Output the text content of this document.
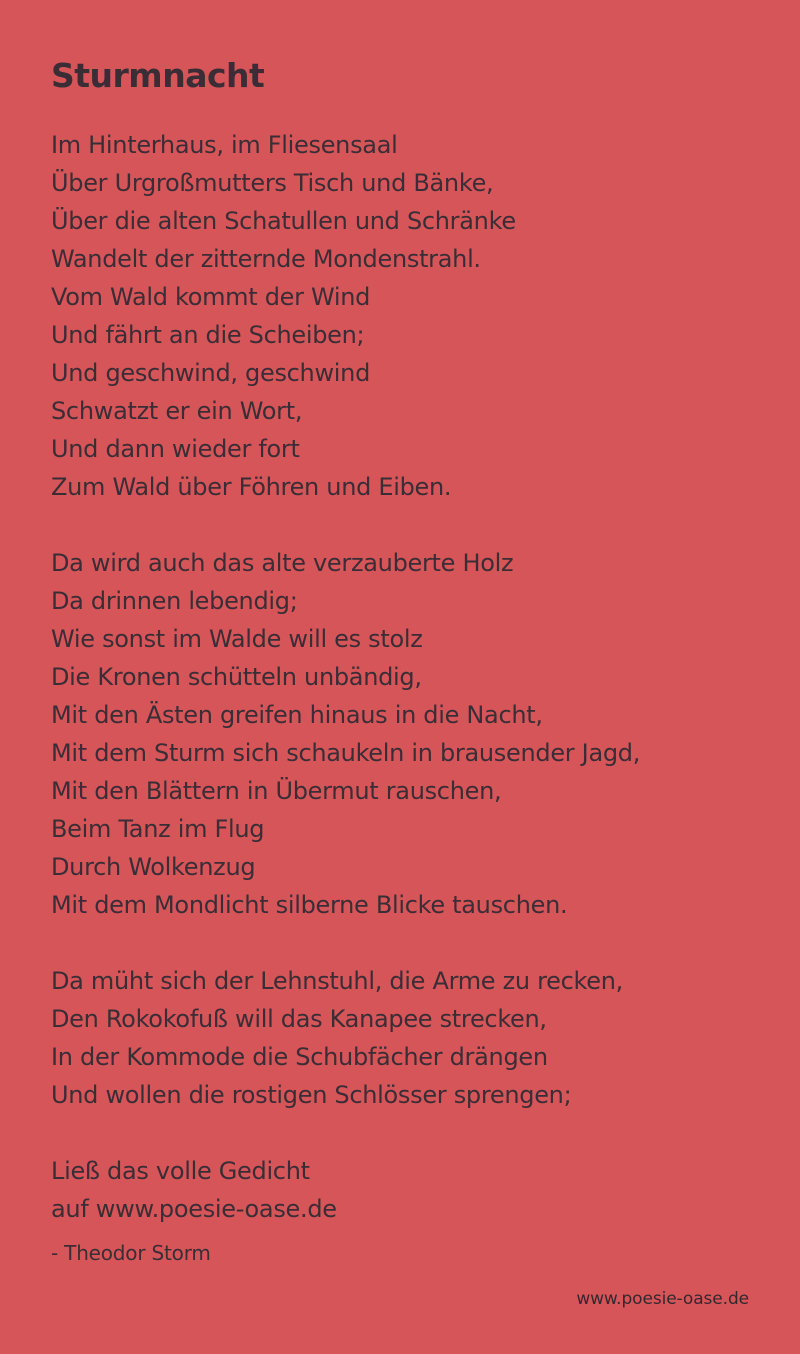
Sturmnacht
Im Hinterhaus, im Fliesensaal
Über Urgroßmutters Tisch und Bänke,
Über die alten Schatullen und Schränke
Wandelt der zitternde Mondenstrahl.
Vom Wald kommt der Wind
Und fährt an die Scheiben;
Und geschwind, geschwind
Schwatzt er ein Wort,
Und dann wieder fort
Zum Wald über Föhren und Eiben.
Da wird auch das alte verzauberte Holz
Da drinnen lebendig;
Wie sonst im Walde will es stolz
Die Kronen schütteln unbändig,
Mit den Ästen greifen hinaus in die Nacht,
Mit dem Sturm sich schaukeln in brausender Jagd,
Mit den Blättern in Übermut rauschen,
Beim Tanz im Flug
Durch Wolkenzug
Mit dem Mondlicht silberne Blicke tauschen.
Da müht sich der Lehnstuhl, die Arme zu recken,
Den Rokokofuß will das Kanapee strecken,
In der Kommode die Schubfächer drängen
Und wollen die rostigen Schlösser sprengen;
Ließ das volle Gedicht
auf www.poesie-oase.de

- Theodor Storm

www.poesie-oase.de
